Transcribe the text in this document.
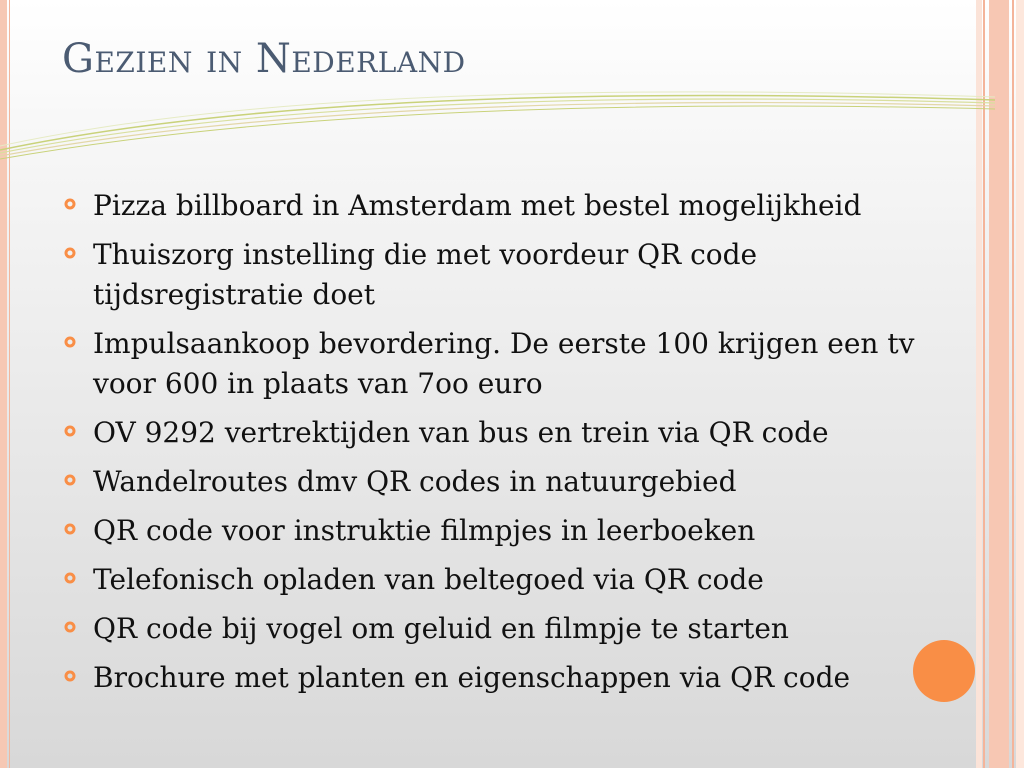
Gezien in Nederland
Pizza billboard in Amsterdam met bestel mogelijkheid
Thuiszorg instelling die met voordeur QR code tijdsregistratie doet
Impulsaankoop bevordering. De eerste 100 krijgen een tv voor 600 in plaats van 7oo euro
OV 9292 vertrektijden van bus en trein via QR code
Wandelroutes dmv QR codes in natuurgebied
QR code voor instruktie filmpjes in leerboeken
Telefonisch opladen van beltegoed via QR code
QR code bij vogel om geluid en filmpje te starten
Brochure met planten en eigenschappen via QR code
